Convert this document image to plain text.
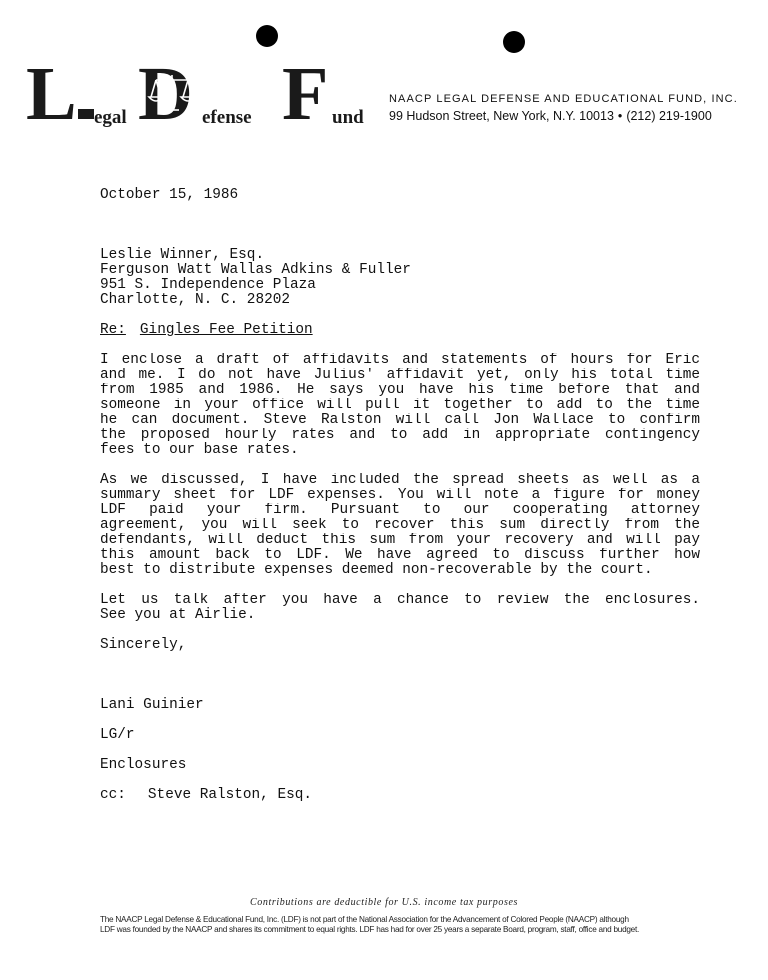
L egal D efense F und
NAACP LEGAL DEFENSE AND EDUCATIONAL FUND, INC.
99 Hudson Street, New York, N.Y. 10013 • (212) 219-1900
October 15, 1986
Leslie Winner, Esq.
Ferguson Watt Wallas Adkins & Fuller
951 S. Independence Plaza
Charlotte, N. C. 28202
Re: Gingles Fee Petition
I enclose a draft of affidavits and statements of hours for Eric
and me. I do not have Julius' affidavit yet, only his total time
from 1985 and 1986. He says you have his time before that and
someone in your office will pull it together to add to the time
he can document. Steve Ralston will call Jon Wallace to confirm
the proposed hourly rates and to add in appropriate contingency
fees to our base rates.
As we discussed, I have included the spread sheets as well as a
summary sheet for LDF expenses. You will note a figure for money
LDF paid your firm. Pursuant to our cooperating attorney
agreement, you will seek to recover this sum directly from the
defendants, will deduct this sum from your recovery and will pay
this amount back to LDF. We have agreed to discuss further how
best to distribute expenses deemed non-recoverable by the court.
Let us talk after you have a chance to review the enclosures.
See you at Airlie.
Sincerely,
Lani Guinier
LG/r
Enclosures
cc: Steve Ralston, Esq.
Contributions are deductible for U.S. income tax purposes
The NAACP Legal Defense & Educational Fund, Inc. (LDF) is not part of the National Association for the Advancement of Colored People (NAACP) although
LDF was founded by the NAACP and shares its commitment to equal rights. LDF has had for over 25 years a separate Board, program, staff, office and budget.
